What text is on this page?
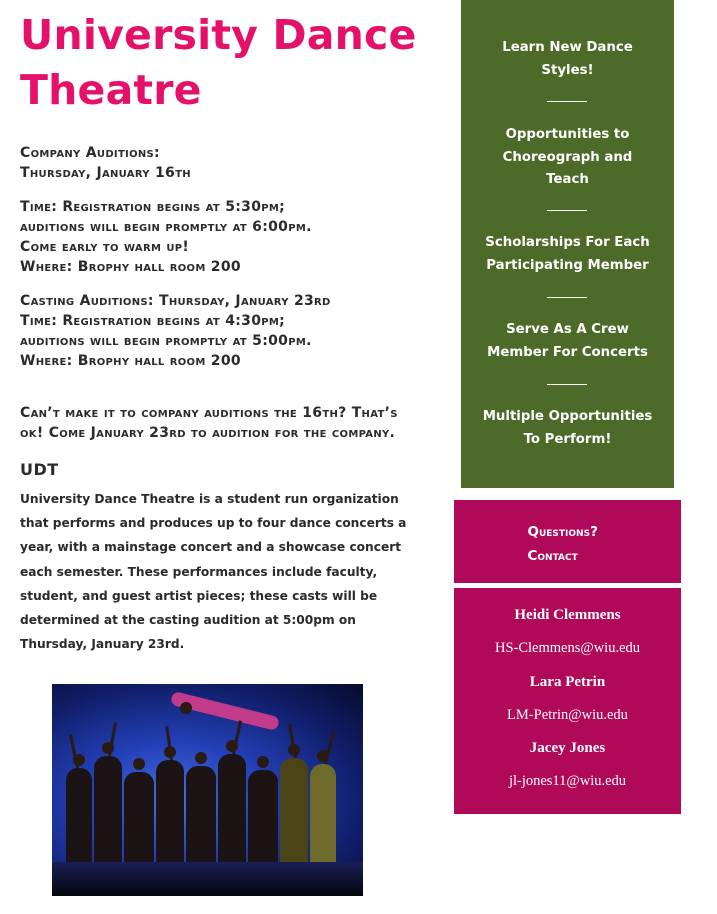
University Dance
Theatre
Company Auditions:
Thursday, January 16th
Time: Registration begins at 5:30pm;
auditions will begin promptly at 6:00pm.
Come early to warm up!
Where: Brophy hall room 200
Casting Auditions: Thursday, January 23rd
Time: Registration begins at 4:30pm;
auditions will begin promptly at 5:00pm.
Where: Brophy hall room 200
Can’t make it to company auditions the 16th? That’s
ok! Come January 23rd to audition for the company.
UDT
University Dance Theatre is a student run organization
that performs and produces up to four dance concerts a
year, with a mainstage concert and a showcase concert
each semester. These performances include faculty,
student, and guest artist pieces; these casts will be
determined at the casting audition at 5:00pm on
Thursday, January 23rd.
Learn New Dance
Styles!
Opportunities to
Choreograph and
Teach
Scholarships For Each
Participating Member
Serve As A Crew
Member For Concerts
Multiple Opportunities
To Perform!
Questions?
Contact
Heidi Clemmens
HS-Clemmens@wiu.edu
Lara Petrin
LM-Petrin@wiu.edu
Jacey Jones
jl-jones11@wiu.edu
